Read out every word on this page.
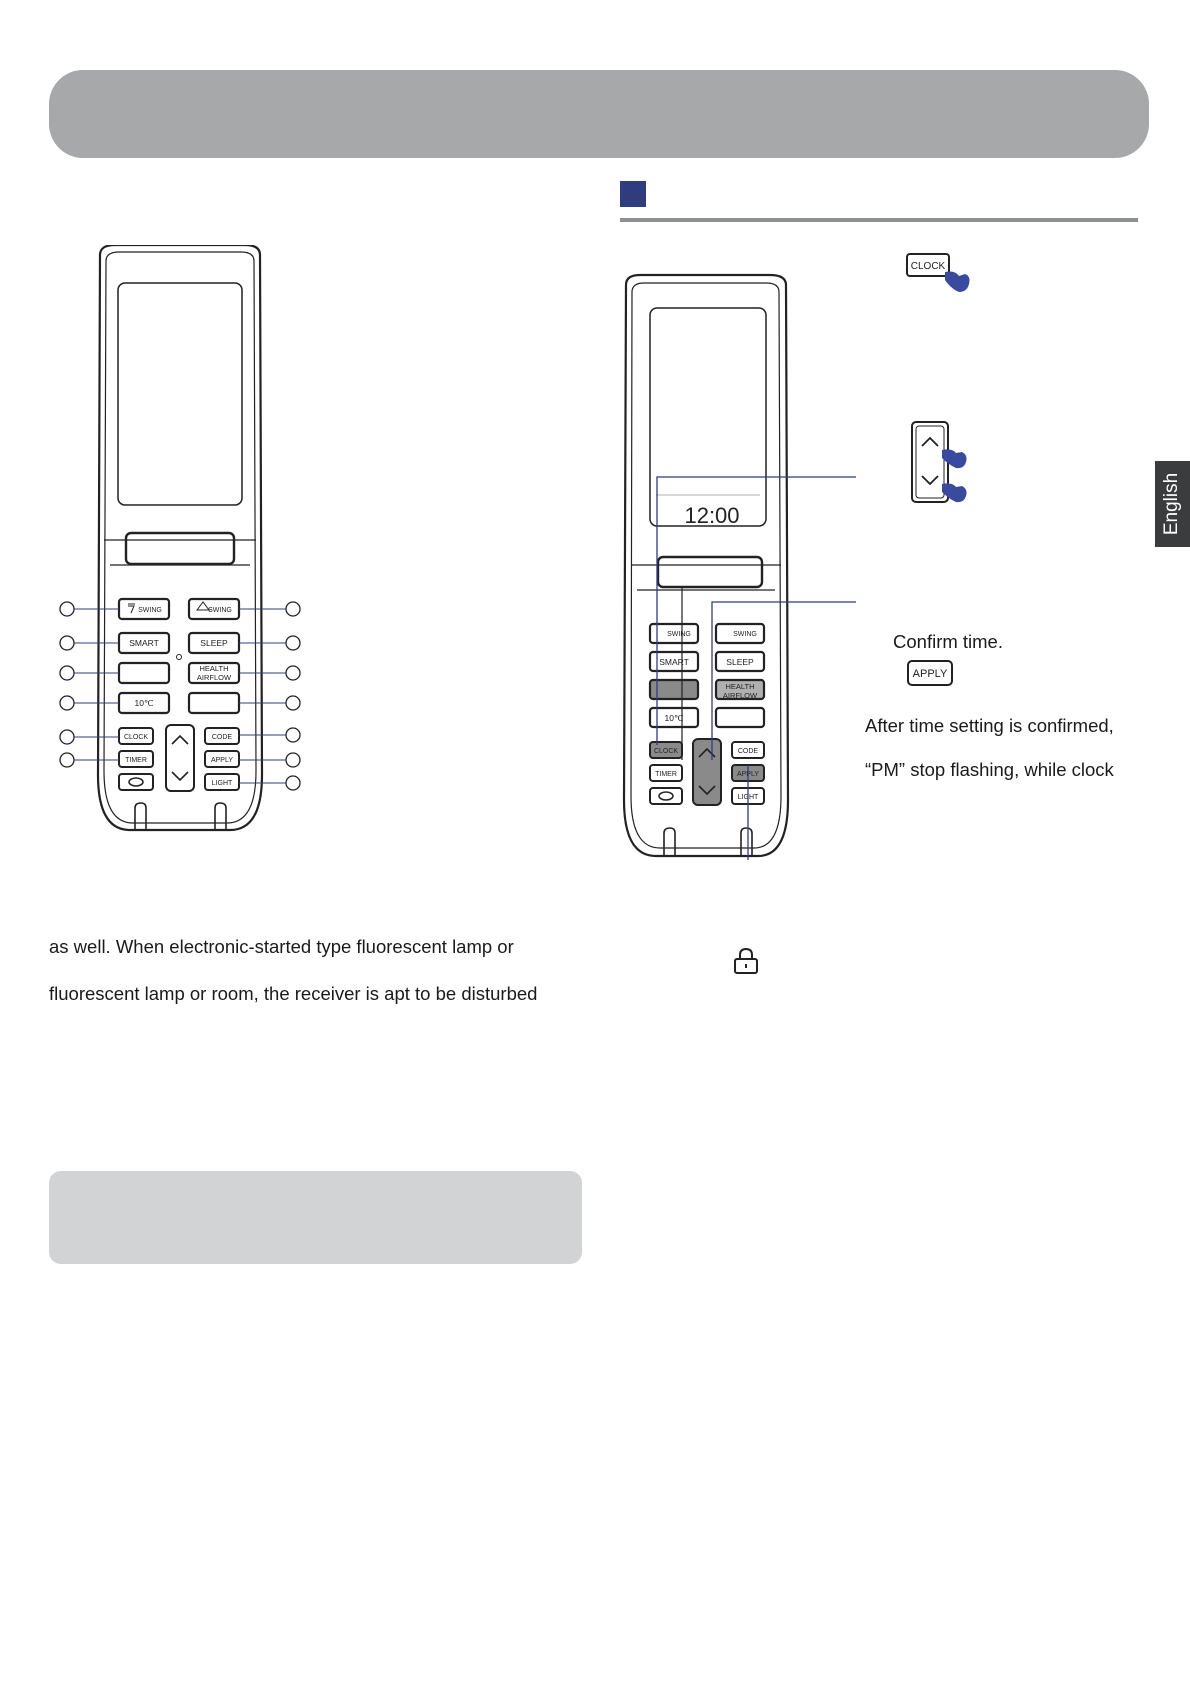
SWING	SWING
SMART	SLEEP
HEALTH
AIRFLOW
10℃
CLOCK	CODE
TIMER	APPLY
LIGHT
SWING	SWING
SMART	SLEEP
HEALTH
AIRFLOW
10℃
CLOCK	CODE
TIMER	APPLY
LIGHT
12:00
CLOCK
Confirm time.
APPLY
After time setting is confirmed,
“PM” stop flashing, while clock
English
as well. When electronic-started type fluorescent lamp or
fluorescent lamp or room, the receiver is apt to be disturbed
